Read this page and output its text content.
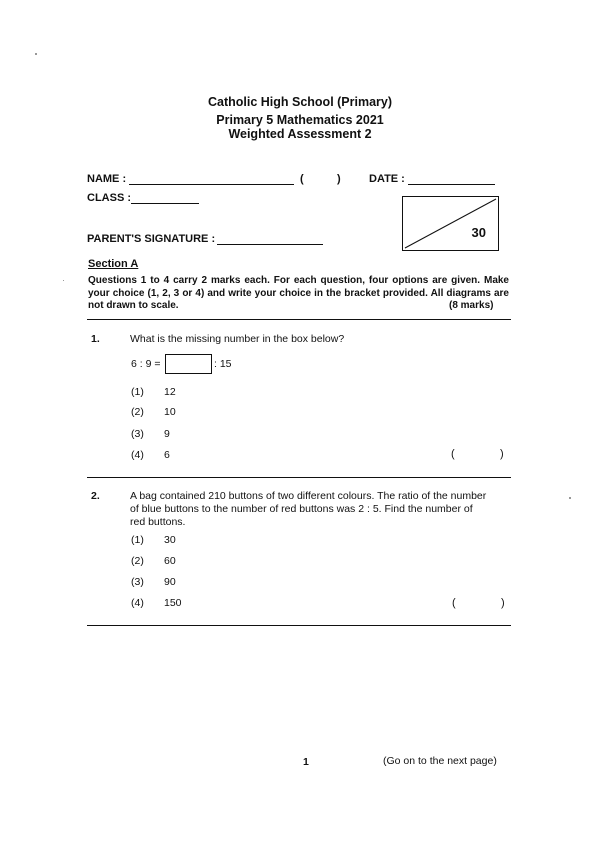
Catholic High School (Primary)
Primary 5 Mathematics 2021
Weighted Assessment 2
NAME :	(	)	DATE :
CLASS :
PARENT'S SIGNATURE :	30
Section A
Questions 1 to 4 carry 2 marks each. For each question, four options are given. Make your choice (1, 2, 3 or 4) and write your choice in the bracket provided. All diagrams are not drawn to scale.	(8 marks)
1.	What is the missing number in the box below?
6 : 9 =	: 15
(1) 12
(2) 10
(3) 9
(4) 6	(	)
2.	A bag contained 210 buttons of two different colours. The ratio of the number of blue buttons to the number of red buttons was 2 : 5. Find the number of red buttons.
(1) 30
(2) 60
(3) 90
(4) 150	(	)
1	(Go on to the next page)
